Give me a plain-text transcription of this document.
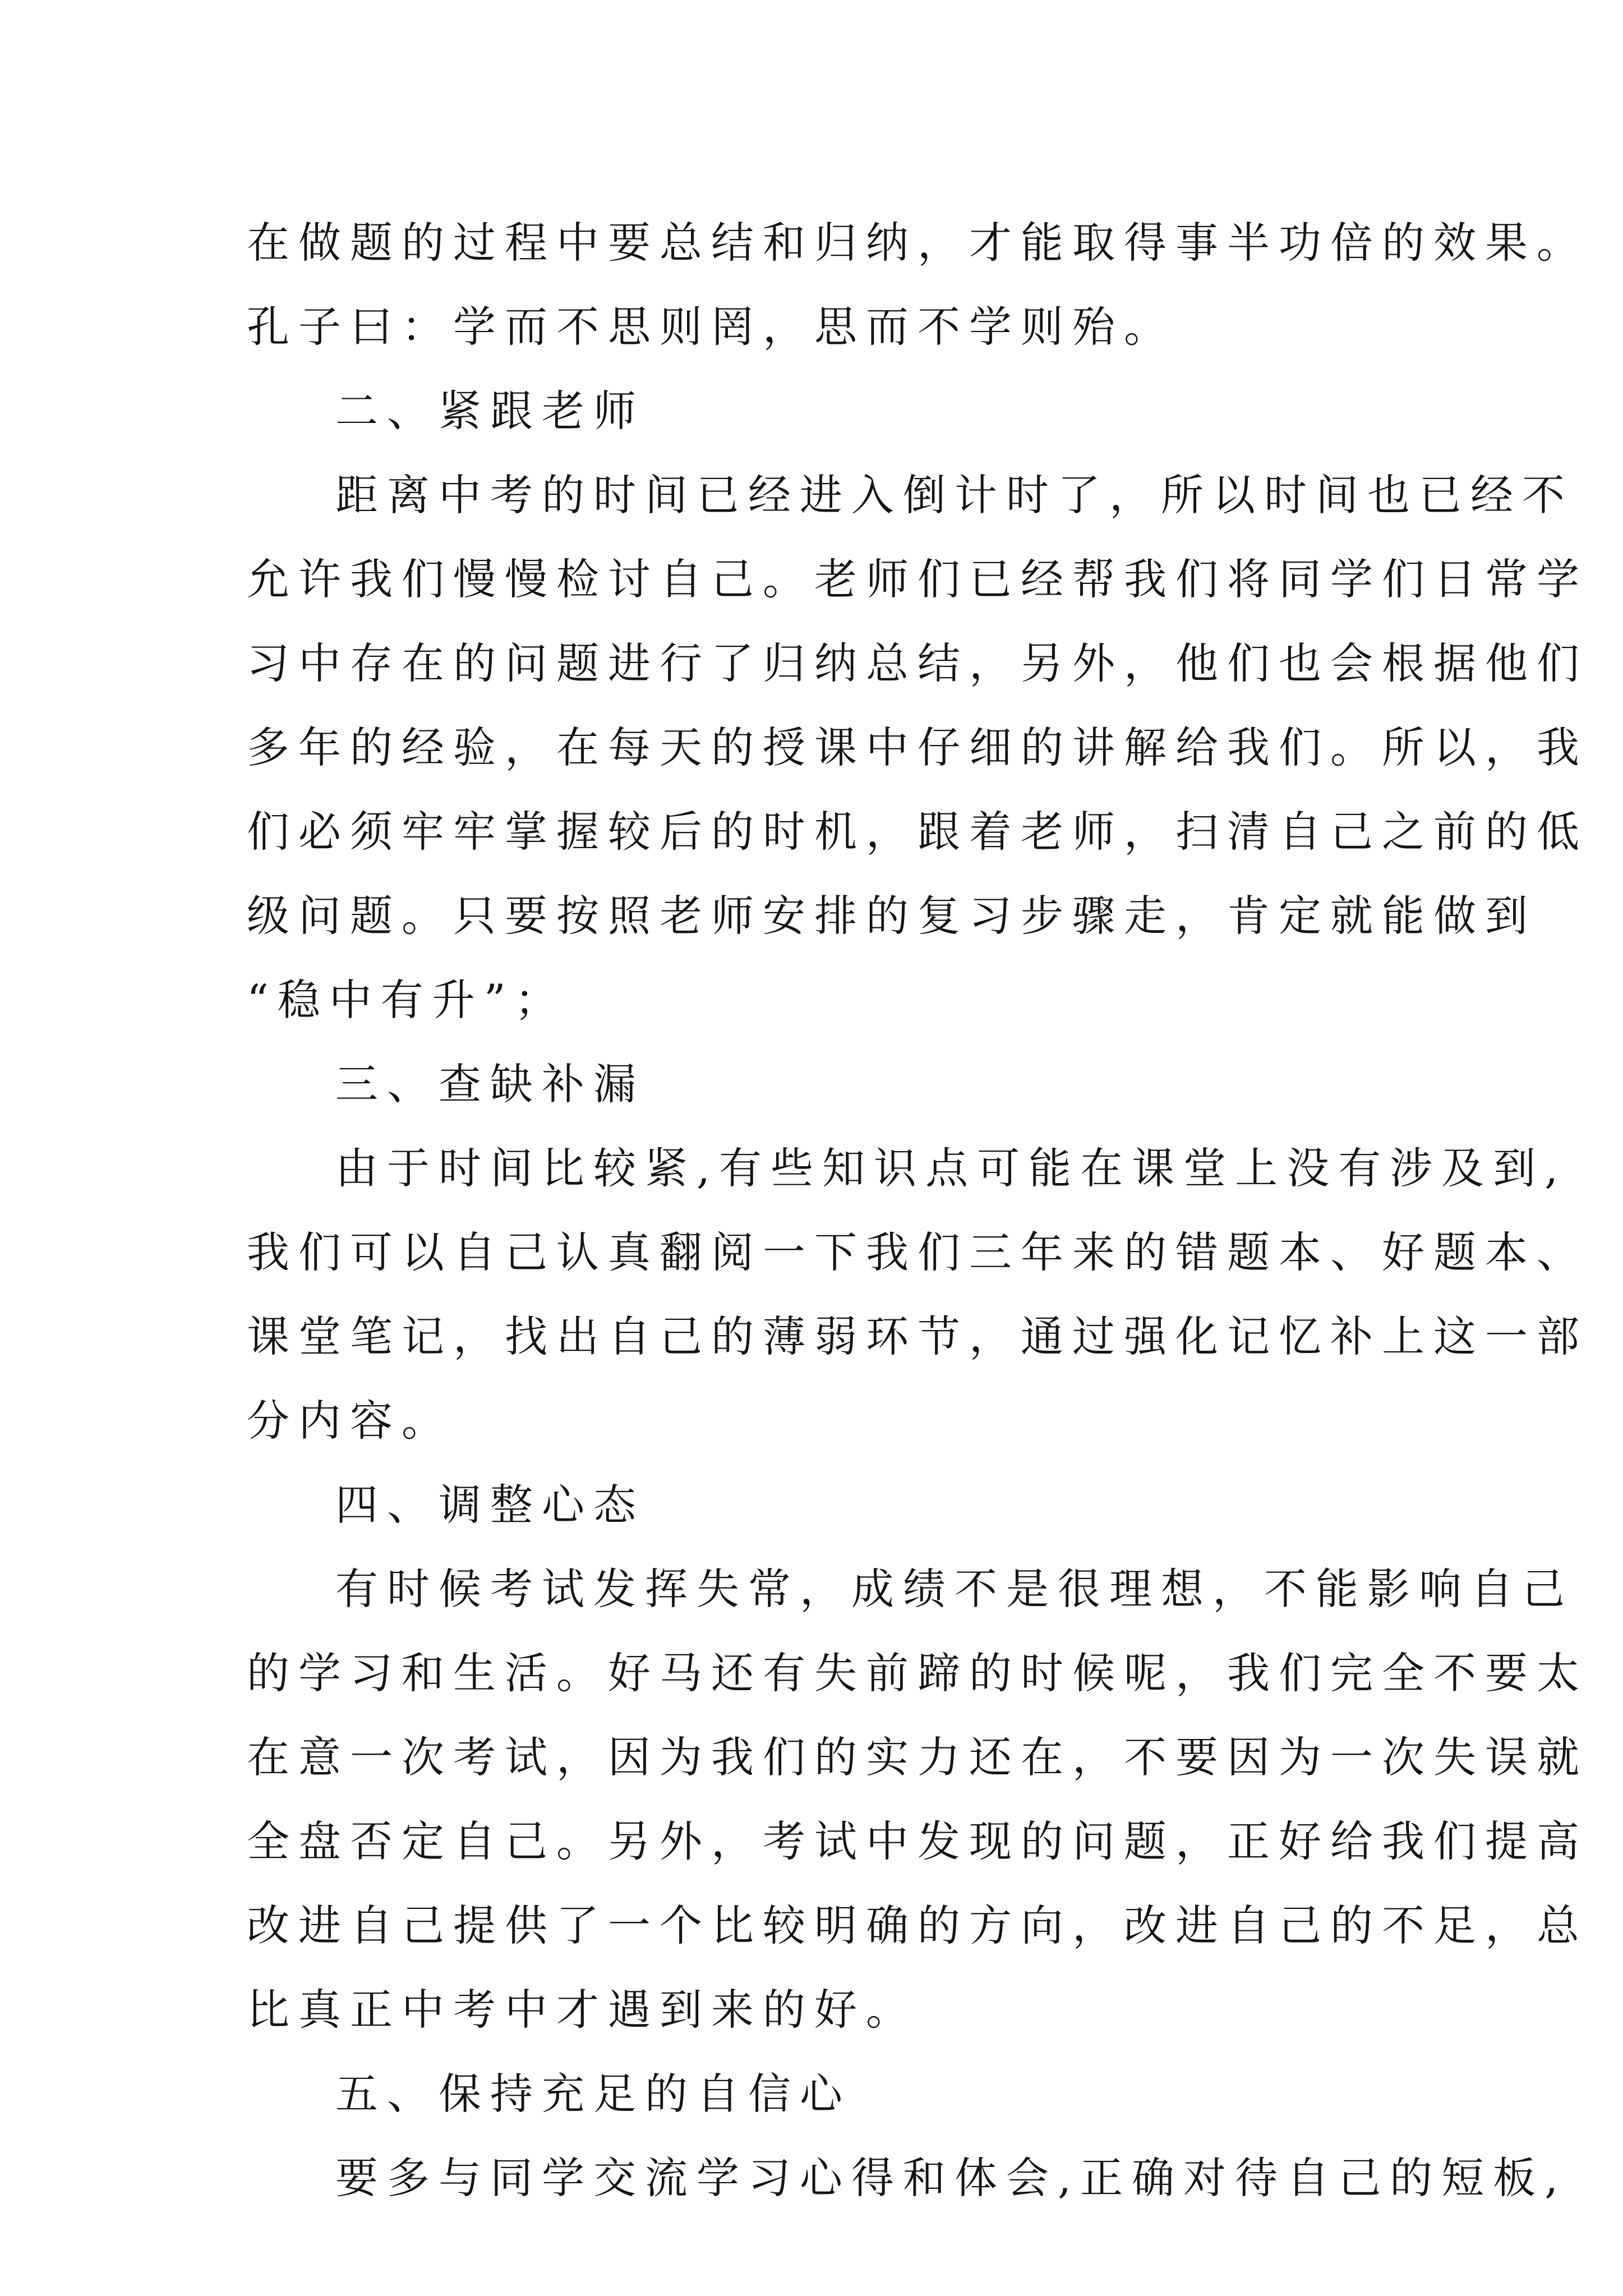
在做题的过程中要总结和归纳，才能取得事半功倍的效果。

孔子曰：学而不思则罔，思而不学则殆。

二、紧跟老师

距离中考的时间已经进入倒计时了，所以时间也已经不

允许我们慢慢检讨自己。老师们已经帮我们将同学们日常学

习中存在的问题进行了归纳总结，另外，他们也会根据他们

多年的经验，在每天的授课中仔细的讲解给我们。所以，我

们必须牢牢掌握较后的时机，跟着老师，扫清自己之前的低

级问题。只要按照老师安排的复习步骤走，肯定就能做到

“稳中有升”；

三、查缺补漏

由于时间比较紧,有些知识点可能在课堂上没有涉及到,

我们可以自己认真翻阅一下我们三年来的错题本、好题本、

课堂笔记，找出自己的薄弱环节，通过强化记忆补上这一部

分内容。

四、调整心态

有时候考试发挥失常，成绩不是很理想，不能影响自己

的学习和生活。好马还有失前蹄的时候呢，我们完全不要太

在意一次考试，因为我们的实力还在，不要因为一次失误就

全盘否定自己。另外，考试中发现的问题，正好给我们提高

改进自己提供了一个比较明确的方向，改进自己的不足，总

比真正中考中才遇到来的好。

五、保持充足的自信心

要多与同学交流学习心得和体会,正确对待自己的短板,
